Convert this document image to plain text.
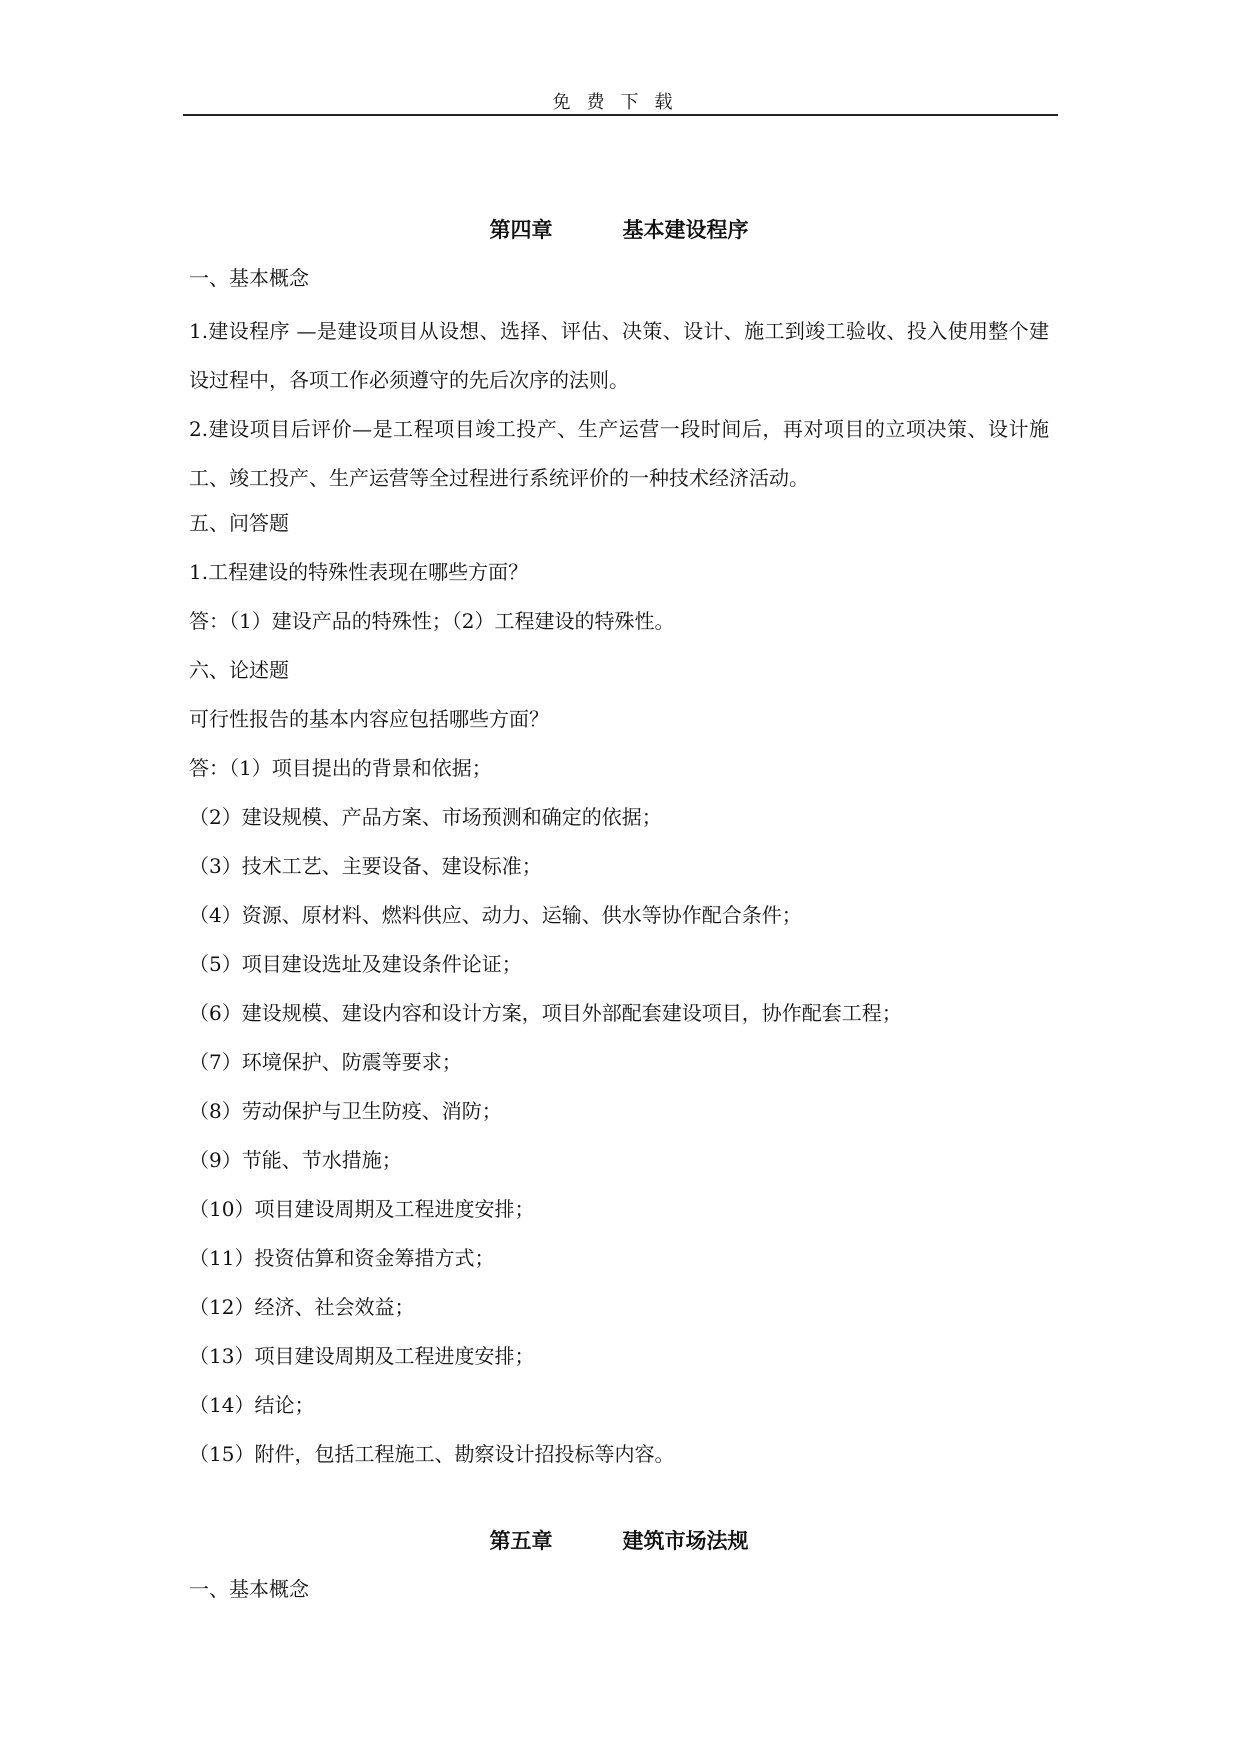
免费下载
第四章	基本建设程序

一、基本概念

1.建设程序 —是建设项目从设想、选择、评估、决策、设计、施工到竣工验收、投入使用整个建设过程中，各项工作必须遵守的先后次序的法则。

2.建设项目后评价—是工程项目竣工投产、生产运营一段时间后，再对项目的立项决策、设计施工、竣工投产、生产运营等全过程进行系统评价的一种技术经济活动。

五、问答题

1.工程建设的特殊性表现在哪些方面？

答：（1）建设产品的特殊性；（2）工程建设的特殊性。

六、论述题

可行性报告的基本内容应包括哪些方面？

答：（1）项目提出的背景和依据；

（2）建设规模、产品方案、市场预测和确定的依据；

（3）技术工艺、主要设备、建设标准；

（4）资源、原材料、燃料供应、动力、运输、供水等协作配合条件；

（5）项目建设选址及建设条件论证；

（6）建设规模、建设内容和设计方案，项目外部配套建设项目，协作配套工程；

（7）环境保护、防震等要求；

（8）劳动保护与卫生防疫、消防；

（9）节能、节水措施；

（10）项目建设周期及工程进度安排；

（11）投资估算和资金筹措方式；

（12）经济、社会效益；

（13）项目建设周期及工程进度安排；

（14）结论；

（15）附件，包括工程施工、勘察设计招投标等内容。

第五章	建筑市场法规

一、基本概念
